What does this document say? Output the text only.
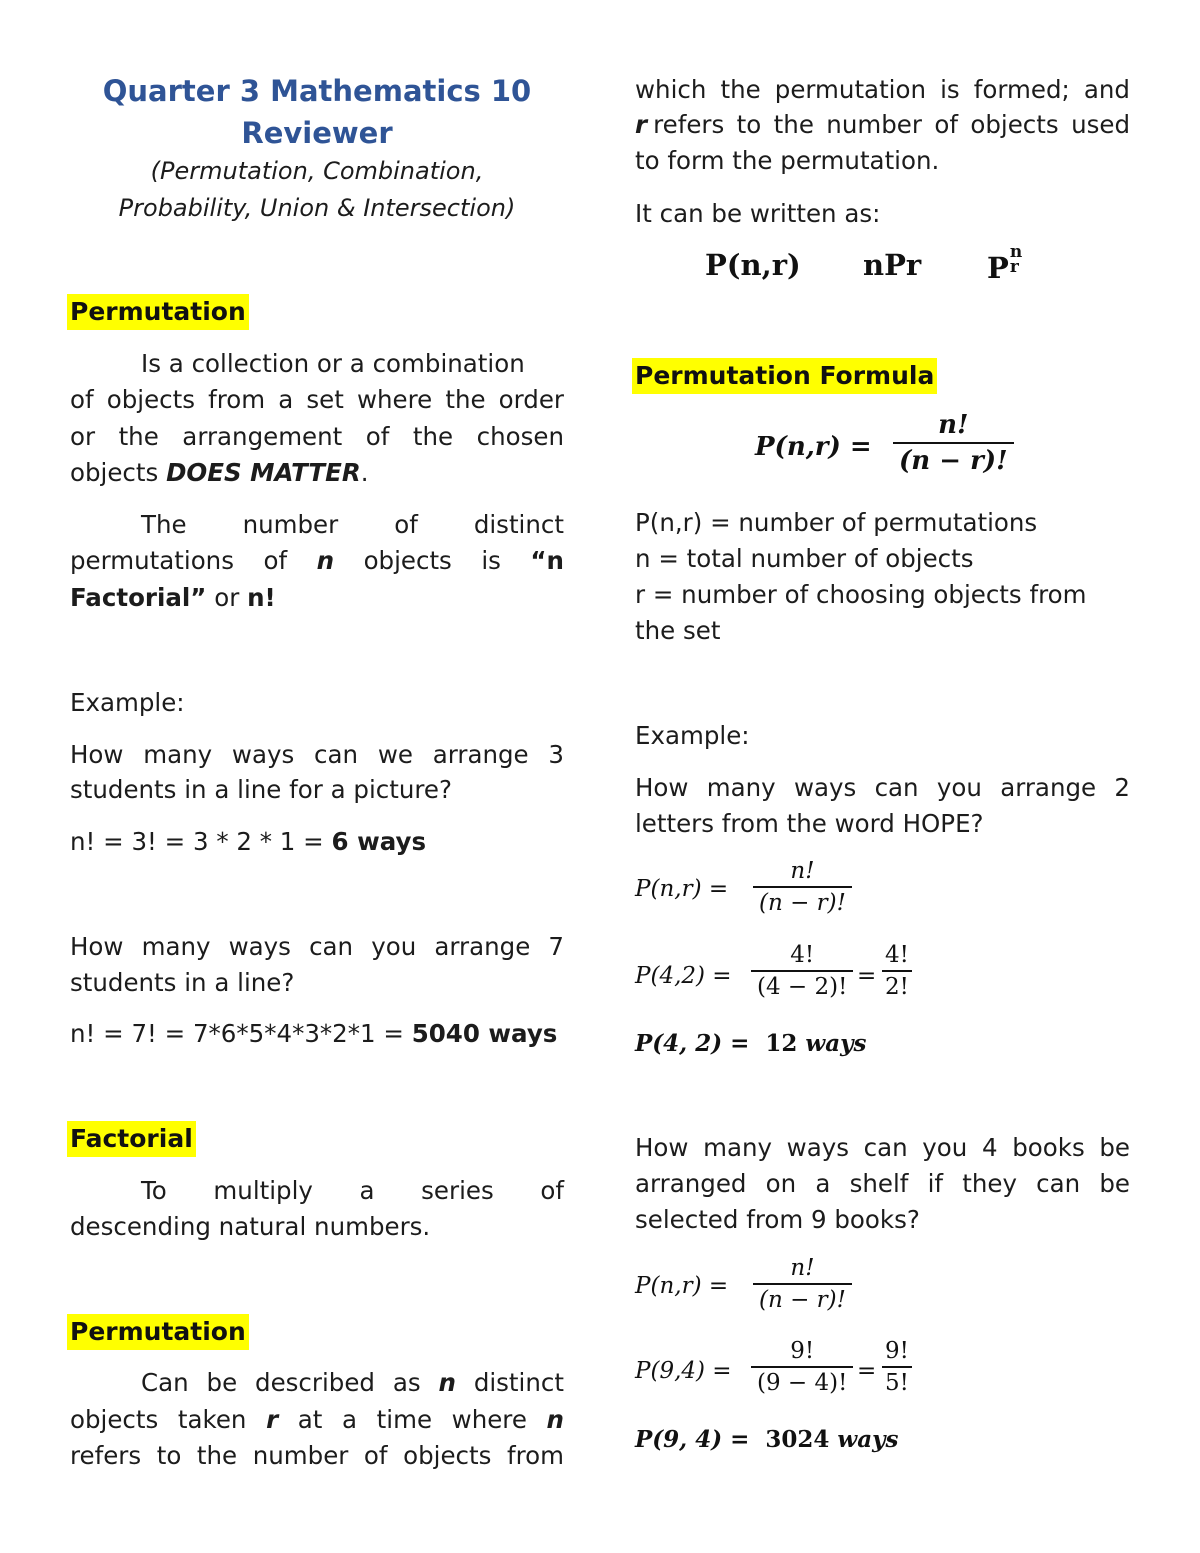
Quarter 3 Mathematics 10
Reviewer
(Permutation, Combination,
Probability, Union & Intersection)
Permutation

Is a collection or a combination

of objects from a set where the order

or the arrangement of the chosen

objects DOES MATTER.

The number of distinct

permutations of n objects is “n

Factorial” or n!

Example:

How many ways can we arrange 3

students in a line for a picture?

n! = 3! = 3 * 2 * 1 = 6 ways

How many ways can you arrange 7

students in a line?

n! = 7! = 7*6*5*4*3*2*1 = 5040 ways

Factorial

To multiply a series of

descending natural numbers.

Permutation

Can be described as n distinct

objects taken r at a time where n

refers to the number of objects from

which the permutation is formed; and

r refers to the number of objects used

to form the permutation.

It can be written as:

P(n,r) nPr P n
r
Permutation Formula
$P(n,r) = \frac{n!}{(n - r)!}$

P(n,r) = number of permutations

n = total number of objects

r = number of choosing objects from

the set

Example:

How many ways can you arrange 2

letters from the word HOPE?

$P(n,r) = \frac{n!}{(n - r)!}$
$P(4,2) = \frac{4!}{(4 - 2)!} = \frac{4!}{2!}$
P(4, 2) = 12 ways

How many ways can you 4 books be

arranged on a shelf if they can be

selected from 9 books?

$P(n,r) = \frac{n!}{(n - r)!}$
$P(9,4) = \frac{9!}{(9 - 4)!} = \frac{9!}{5!}$
P(9, 4) = 3024 ways
